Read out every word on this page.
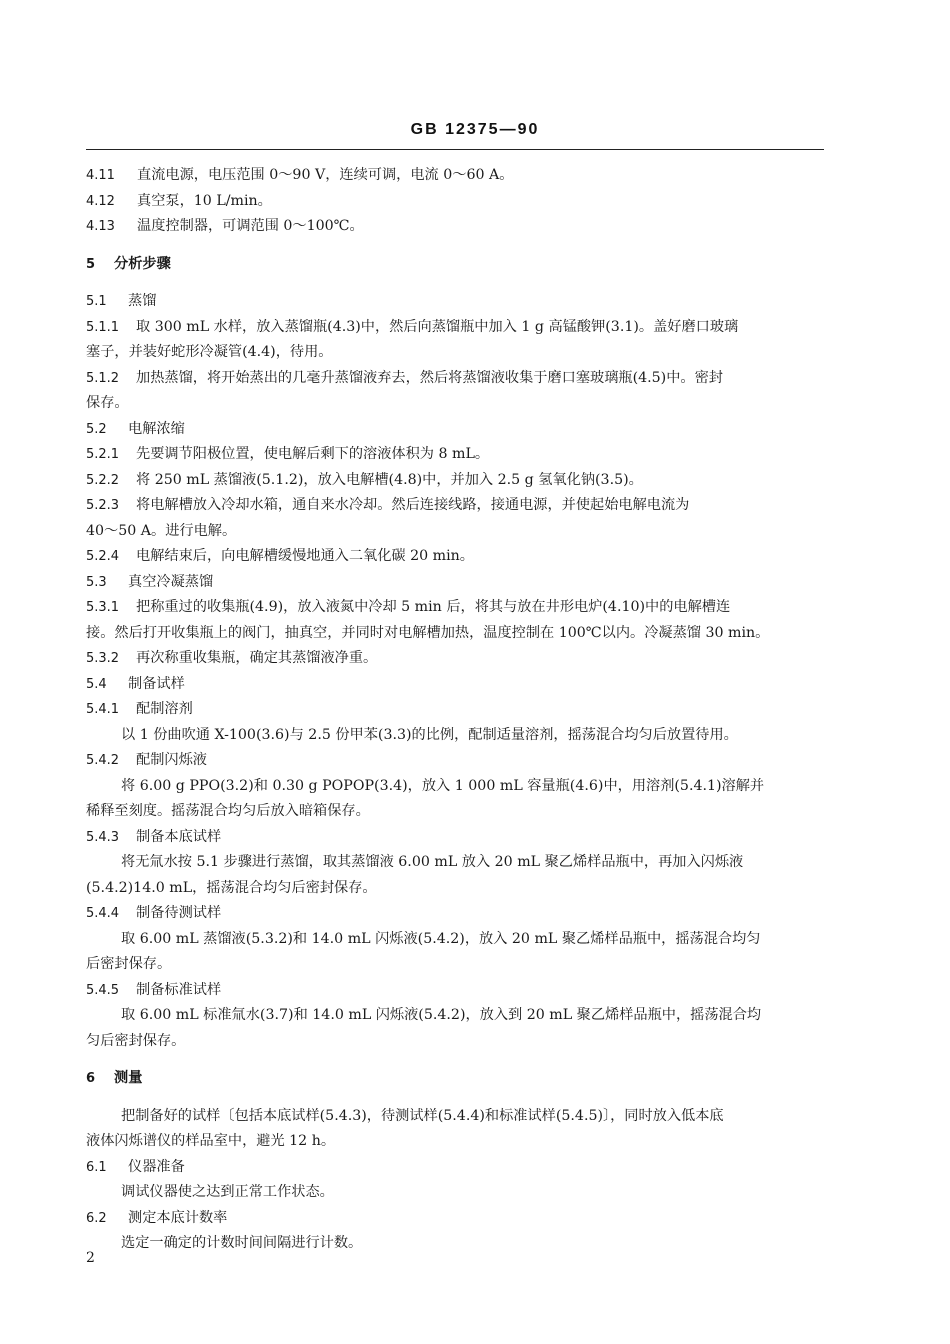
GB 12375—90
4.11 直流电源，电压范围 0～90 V，连续可调，电流 0～60 A。
4.12 真空泵，10 L/min。
4.13 温度控制器，可调范围 0～100℃。
5 分析步骤
5.1 蒸馏
5.1.1 取 300 mL 水样，放入蒸馏瓶(4.3)中，然后向蒸馏瓶中加入 1 g 高锰酸钾(3.1)。盖好磨口玻璃
塞子，并装好蛇形冷凝管(4.4)，待用。
5.1.2 加热蒸馏，将开始蒸出的几毫升蒸馏液弃去，然后将蒸馏液收集于磨口塞玻璃瓶(4.5)中。密封
保存。
5.2 电解浓缩
5.2.1 先要调节阳极位置，使电解后剩下的溶液体积为 8 mL。
5.2.2 将 250 mL 蒸馏液(5.1.2)，放入电解槽(4.8)中，并加入 2.5 g 氢氧化钠(3.5)。
5.2.3 将电解槽放入冷却水箱，通自来水冷却。然后连接线路，接通电源，并使起始电解电流为
40～50 A。进行电解。
5.2.4 电解结束后，向电解槽缓慢地通入二氧化碳 20 min。
5.3 真空冷凝蒸馏
5.3.1 把称重过的收集瓶(4.9)，放入液氮中冷却 5 min 后，将其与放在井形电炉(4.10)中的电解槽连
接。然后打开收集瓶上的阀门，抽真空，并同时对电解槽加热，温度控制在 100℃以内。冷凝蒸馏 30 min。
5.3.2 再次称重收集瓶，确定其蒸馏液净重。
5.4 制备试样
5.4.1 配制溶剂
以 1 份曲吹通 X-100(3.6)与 2.5 份甲苯(3.3)的比例，配制适量溶剂，摇荡混合均匀后放置待用。
5.4.2 配制闪烁液
将 6.00 g PPO(3.2)和 0.30 g POPOP(3.4)，放入 1 000 mL 容量瓶(4.6)中，用溶剂(5.4.1)溶解并
稀释至刻度。摇荡混合均匀后放入暗箱保存。
5.4.3 制备本底试样
将无氚水按 5.1 步骤进行蒸馏，取其蒸馏液 6.00 mL 放入 20 mL 聚乙烯样品瓶中，再加入闪烁液
(5.4.2)14.0 mL，摇荡混合均匀后密封保存。
5.4.4 制备待测试样
取 6.00 mL 蒸馏液(5.3.2)和 14.0 mL 闪烁液(5.4.2)，放入 20 mL 聚乙烯样品瓶中，摇荡混合均匀
后密封保存。
5.4.5 制备标准试样
取 6.00 mL 标准氚水(3.7)和 14.0 mL 闪烁液(5.4.2)，放入到 20 mL 聚乙烯样品瓶中，摇荡混合均
匀后密封保存。
6 测量
把制备好的试样〔包括本底试样(5.4.3)，待测试样(5.4.4)和标准试样(5.4.5)〕，同时放入低本底
液体闪烁谱仪的样品室中，避光 12 h。
6.1 仪器准备
调试仪器使之达到正常工作状态。
6.2 测定本底计数率
选定一确定的计数时间间隔进行计数。
2
